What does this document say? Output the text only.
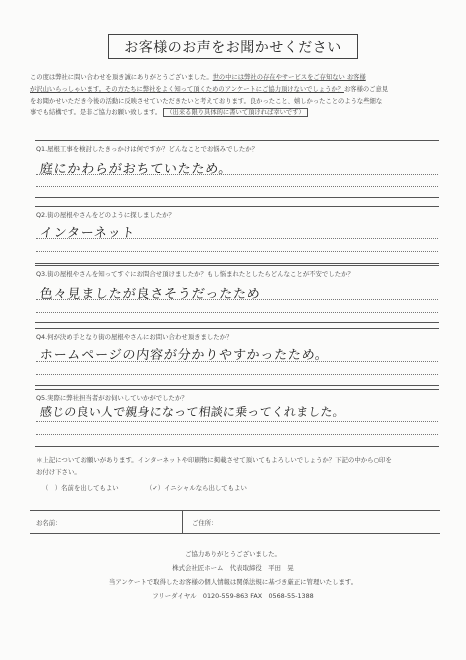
お客様のお声をお聞かせください

この度は弊社に問い合わせを頂き誠にありがとうございました。世の中には弊社の存在やサービスをご存知ない お客様

が沢山いらっしゃいます。その方たちに弊社をよく知って頂くためのアンケートにご協力頂けないでしょうか？お客様のご意見

をお聞かせいただき今後の活動に反映させていただきたいと考えております。良かったこと、嬉しかったことのような些細な

事でも結構です。是非ご協力お願い致します。 （出来る限り具体的に書いて頂ければ幸いです）

Q1.屋根工事を検討したきっかけは何ですか？どんなことでお悩みでしたか？
庭にかわらがおちていたため。
Q2.街の屋根やさんをどのように探しましたか？
インターネット
Q3.街の屋根やさんを知ってすぐにお問合せ頂けましたか？もし悩まれたとしたらどんなことが不安でしたか？
色々見ましたが良さそうだったため
Q4.何が決め手となり街の屋根やさんにお問い合わせ頂きましたか？
ホームページの内容が分かりやすかったため。
Q5.実際に弊社担当者がお伺いしていかがでしたか？
感じの良い人で親身になって相談に乗ってくれました。
＊上記についてお願いがあります。インターネットや印刷物に掲載させて頂いてもよろしいでしょうか？下記の中から○印を
お付け下さい。
（　）名前を出してもよい	（✓）イニシャルなら出してもよい
お名前：	ご住所：
ご協力ありがとうございました。
株式会社匠ホーム　代表取締役　平田　晃
当アンケートで取得したお客様の個人情報は関係法規に基づき厳正に管理いたします。
フリーダイヤル　0120-559-863 FAX　0568-55-1388
